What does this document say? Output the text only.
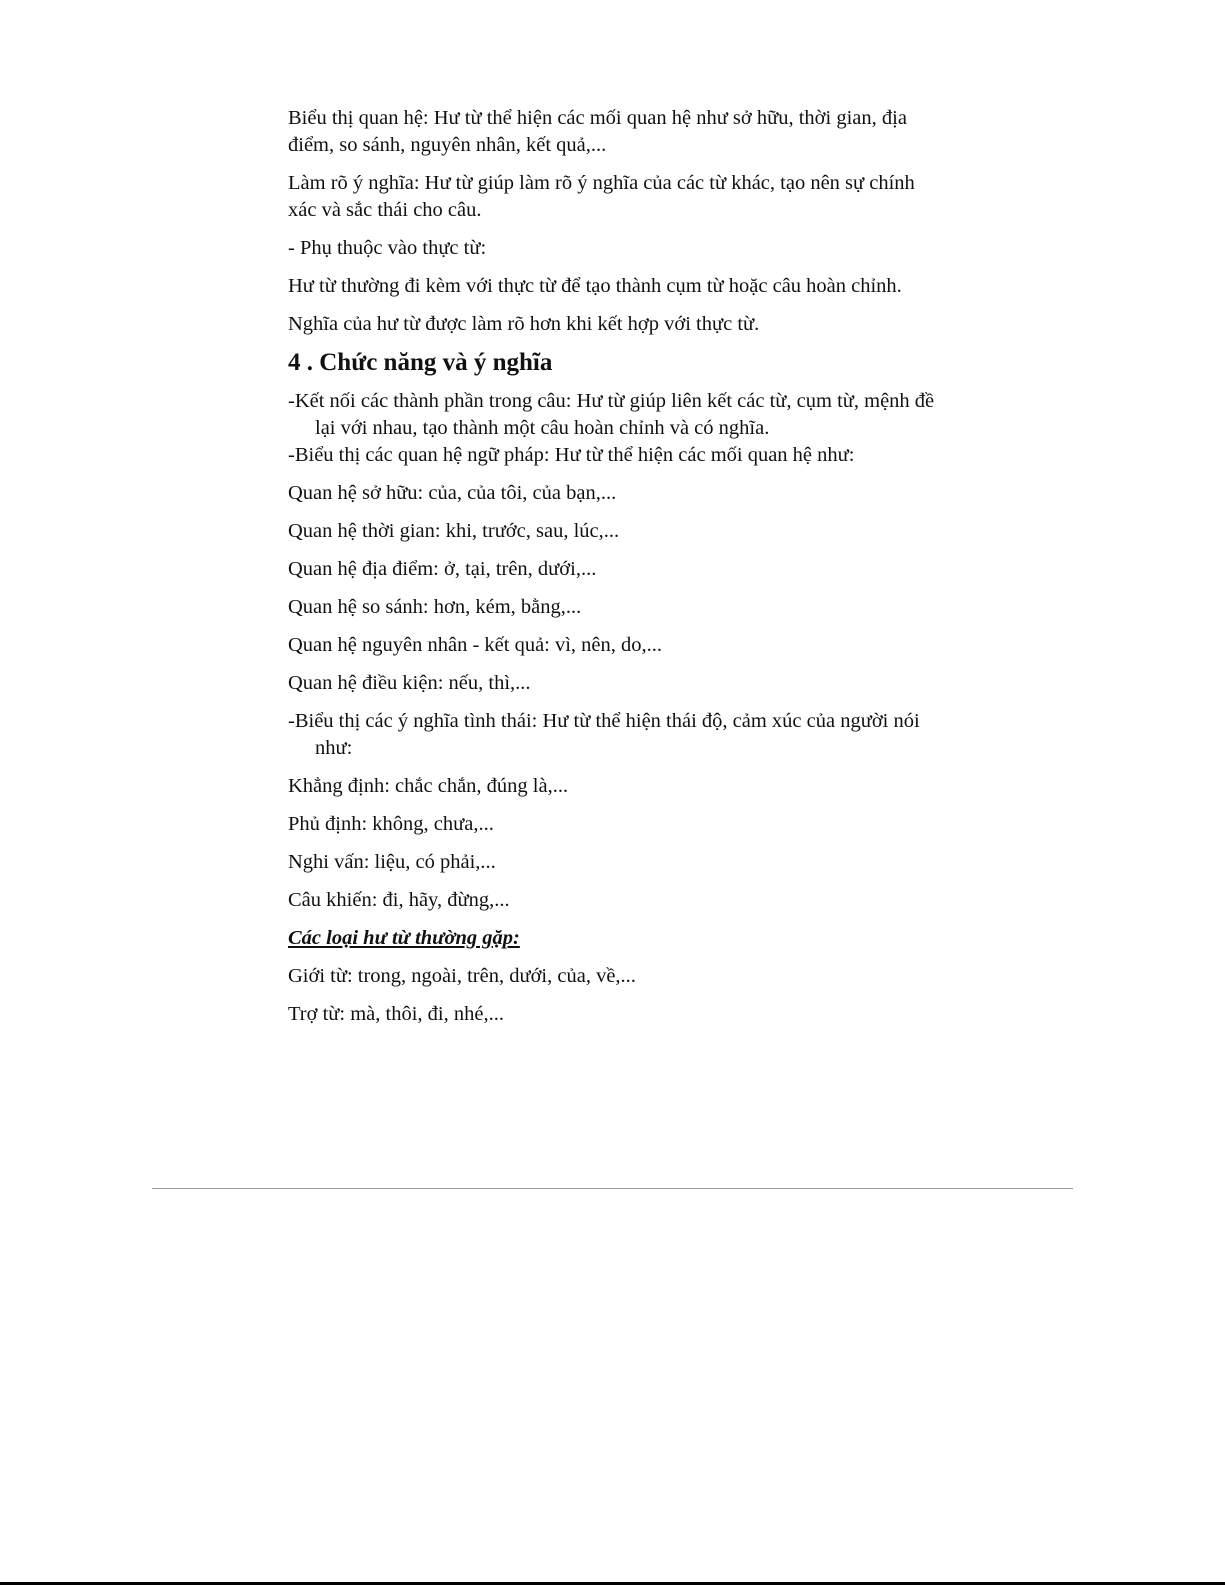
Biểu thị quan hệ: Hư từ thể hiện các mối quan hệ như sở hữu, thời gian, địa điểm, so sánh, nguyên nhân, kết quả,...

Làm rõ ý nghĩa: Hư từ giúp làm rõ ý nghĩa của các từ khác, tạo nên sự chính xác và sắc thái cho câu.

- Phụ thuộc vào thực từ:

Hư từ thường đi kèm với thực từ để tạo thành cụm từ hoặc câu hoàn chỉnh.

Nghĩa của hư từ được làm rõ hơn khi kết hợp với thực từ.

4 . Chức năng và ý nghĩa

-Kết nối các thành phần trong câu: Hư từ giúp liên kết các từ, cụm từ, mệnh đề lại với nhau, tạo thành một câu hoàn chỉnh và có nghĩa.

-Biểu thị các quan hệ ngữ pháp: Hư từ thể hiện các mối quan hệ như:

Quan hệ sở hữu: của, của tôi, của bạn,...

Quan hệ thời gian: khi, trước, sau, lúc,...

Quan hệ địa điểm: ở, tại, trên, dưới,...

Quan hệ so sánh: hơn, kém, bằng,...

Quan hệ nguyên nhân - kết quả: vì, nên, do,...

Quan hệ điều kiện: nếu, thì,...

-Biểu thị các ý nghĩa tình thái: Hư từ thể hiện thái độ, cảm xúc của người nói như:

Khẳng định: chắc chắn, đúng là,...

Phủ định: không, chưa,...

Nghi vấn: liệu, có phải,...

Câu khiến: đi, hãy, đừng,...

Các loại hư từ thường gặp:

Giới từ: trong, ngoài, trên, dưới, của, về,...

Trợ từ: mà, thôi, đi, nhé,...
